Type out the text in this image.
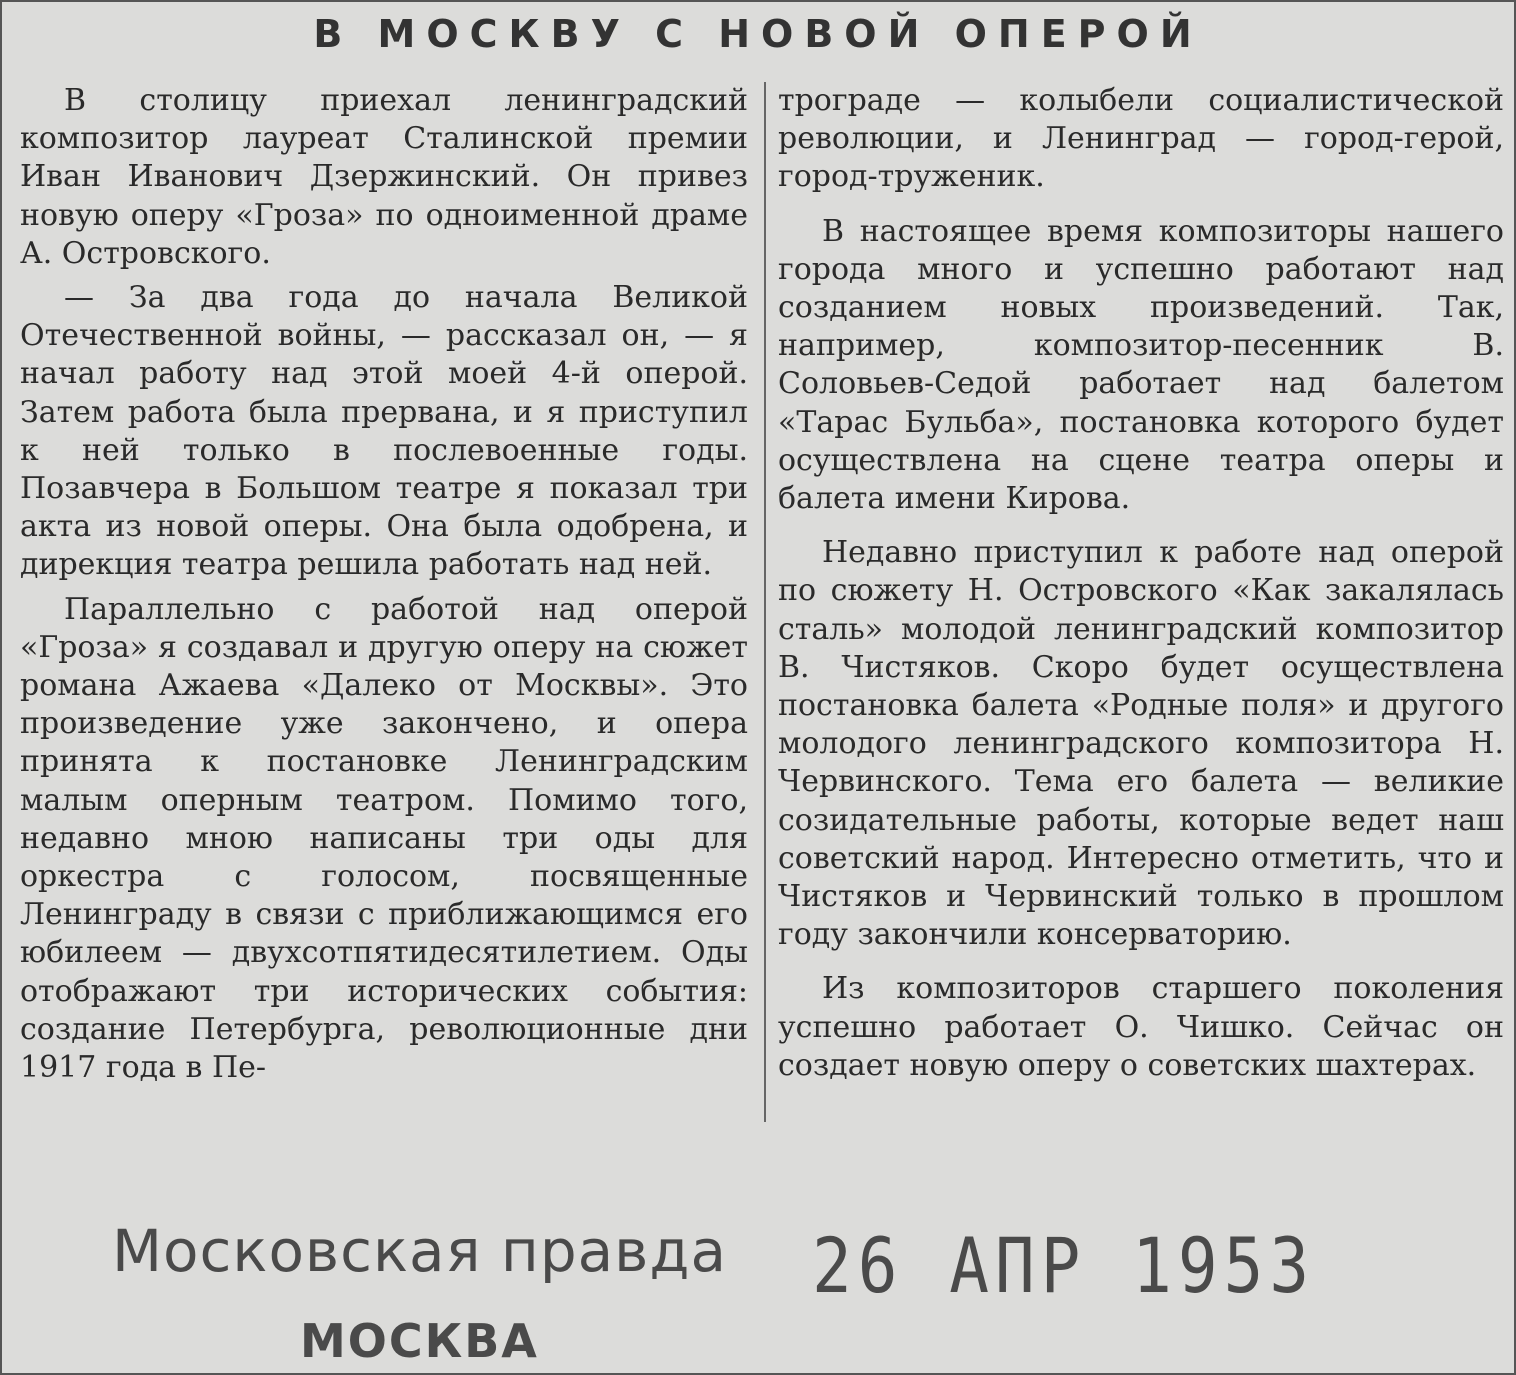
В МОСКВУ С НОВОЙ ОПЕРОЙ

В столицу приехал ленинградский композитор лауреат Сталинской премии Иван Иванович Дзержинский. Он привез новую оперу «Гроза» по одноименной драме А. Островского.

— За два года до начала Великой Отечественной войны, — рассказал он, — я начал работу над этой моей 4-й оперой. Затем работа была прервана, и я приступил к ней только в послевоенные годы. Позавчера в Большом театре я показал три акта из новой оперы. Она была одобрена, и дирекция театра решила работать над ней.

Параллельно с работой над оперой «Гроза» я создавал и другую оперу на сюжет романа Ажаева «Далеко от Москвы». Это произведение уже закончено, и опера принята к постановке Ленинградским малым оперным театром. Помимо того, недавно мною написаны три оды для оркестра с голосом, посвященные Ленинграду в связи с приближающимся его юбилеем — двухсотпятидесятилетием. Оды отображают три исторических события: создание Петербурга, революционные дни 1917 года в Пе-

трограде — колыбели социалистической революции, и Ленинград — город-герой, город-труженик.

В настоящее время композиторы нашего города много и успешно работают над созданием новых произведений. Так, например, композитор-песенник В. Соловьев-Седой работает над балетом «Тарас Бульба», постановка которого будет осуществлена на сцене театра оперы и балета имени Кирова.

Недавно приступил к работе над оперой по сюжету Н. Островского «Как закалялась сталь» молодой ленинградский композитор В. Чистяков. Скоро будет осуществлена постановка балета «Родные поля» и другого молодого ленинградского композитора Н. Червинского. Тема его балета — великие созидательные работы, которые ведет наш советский народ. Интересно отметить, что и Чистяков и Червинский только в прошлом году закончили консерваторию.

Из композиторов старшего поколения успешно работает О. Чишко. Сейчас он создает новую оперу о советских шахтерах.

Московская правда
МОСКВА
26 АПР 1953
